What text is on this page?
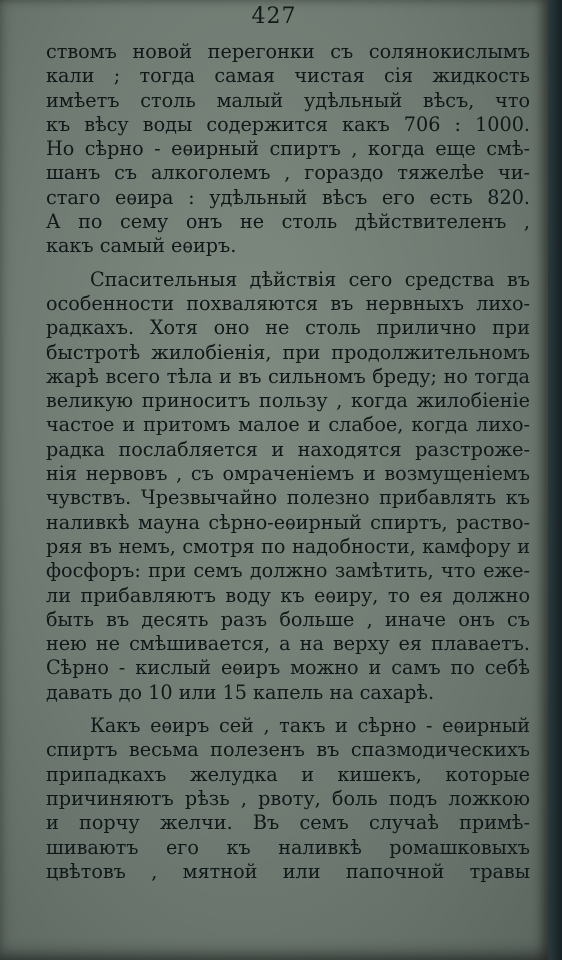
427
ствомъ новой перегонки съ солянокислымъ
кали ; тогда самая чистая сія жидкость
имѣетъ столь малый удѣльный вѣсъ, что
къ вѣсу воды содержится какъ 706 : 1000.
Но сѣрно - еѳирный спиртъ , когда еще смѣ-
шанъ съ алкоголемъ , гораздо тяжелѣе чи-
стаго еѳира : удѣльный вѣсъ его есть 820.
А по сему онъ не столь дѣйствителенъ ,
какъ самый еѳиръ.
Спасительныя дѣйствія сего средства въ
особенности похваляются въ нервныхъ лихо-
радкахъ. Хотя оно не столь прилично при
быстротѣ жилобіенія, при продолжительномъ
жарѣ всего тѣла и въ сильномъ бреду; но тогда
великую приноситъ пользу , когда жилобіеніе
частое и притомъ малое и слабое, когда лихо-
радка послабляется и находятся разстроже-
нія нервовъ , съ омраченіемъ и возмущеніемъ
чувствъ. Чрезвычайно полезно прибавлять къ
наливкѣ мауна сѣрно-еѳирный спиртъ, раство-
ряя въ немъ, смотря по надобности, камфору и
фосфоръ: при семъ должно замѣтить, что еже-
ли прибавляютъ воду къ еѳиру, то ея должно
быть въ десять разъ больше , иначе онъ съ
нею не смѣшивается, а на верху ея плаваетъ.
Сѣрно - кислый еѳиръ можно и самъ по себѣ
давать до 10 или 15 капель на сахарѣ.
Какъ еѳиръ сей , такъ и сѣрно - еѳирный
спиртъ весьма полезенъ въ спазмодическихъ
припадкахъ желудка и кишекъ, которые
причиняютъ рѣзь , рвоту, боль подъ ложкою
и порчу желчи. Въ семъ случаѣ примѣ-
шиваютъ его къ наливкѣ ромашковыхъ
цвѣтовъ , мятной или папочной травы
